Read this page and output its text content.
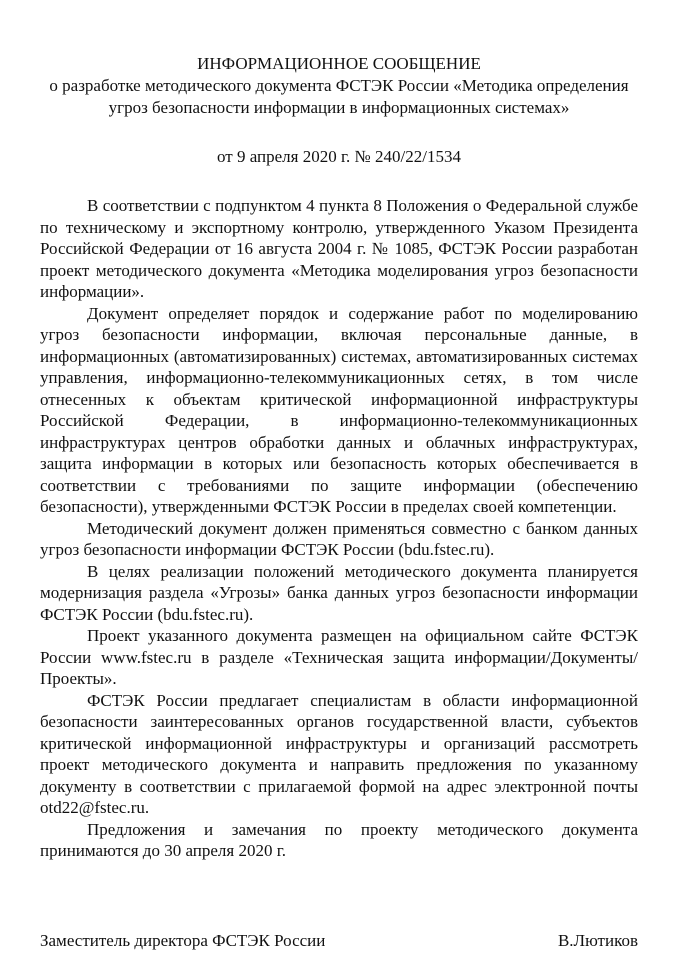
ИНФОРМАЦИОННОЕ СООБЩЕНИЕ

о разработке методического документа ФСТЭК России «Методика определения угроз безопасности информации в информационных системах»

от 9 апреля 2020 г. № 240/22/1534

В соответствии с подпунктом 4 пункта 8 Положения о Федеральной службе по техническому и экспортному контролю, утвержденного Указом Президента Российской Федерации от 16 августа 2004 г. № 1085, ФСТЭК России разработан проект методического документа «Методика моделирования угроз безопасности информации».

Документ определяет порядок и содержание работ по моделированию угроз безопасности информации, включая персональные данные, в информационных (автоматизированных) системах, автоматизированных системах управления, информационно-телекоммуникационных сетях, в том числе отнесенных к объектам критической информационной инфраструктуры Российской Федерации, в информационно-телекоммуникационных инфраструктурах центров обработки данных и облачных инфраструктурах, защита информации в которых или безопасность которых обеспечивается в соответствии с требованиями по защите информации (обеспечению безопасности), утвержденными ФСТЭК России в пределах своей компетенции.

Методический документ должен применяться совместно с банком данных угроз безопасности информации ФСТЭК России (bdu.fstec.ru).

В целях реализации положений методического документа планируется модернизация раздела «Угрозы» банка данных угроз безопасности информации ФСТЭК России (bdu.fstec.ru).

Проект указанного документа размещен на официальном сайте ФСТЭК России www.fstec.ru в разделе «Техническая защита информации/Документы/Проекты».

ФСТЭК России предлагает специалистам в области информационной безопасности заинтересованных органов государственной власти, субъектов критической информационной инфраструктуры и организаций рассмотреть проект методического документа и направить предложения по указанному документу в соответствии с прилагаемой формой на адрес электронной почты otd22@fstec.ru.

Предложения и замечания по проекту методического документа принимаются до 30 апреля 2020 г.

Заместитель директора ФСТЭК России	В.Лютиков
